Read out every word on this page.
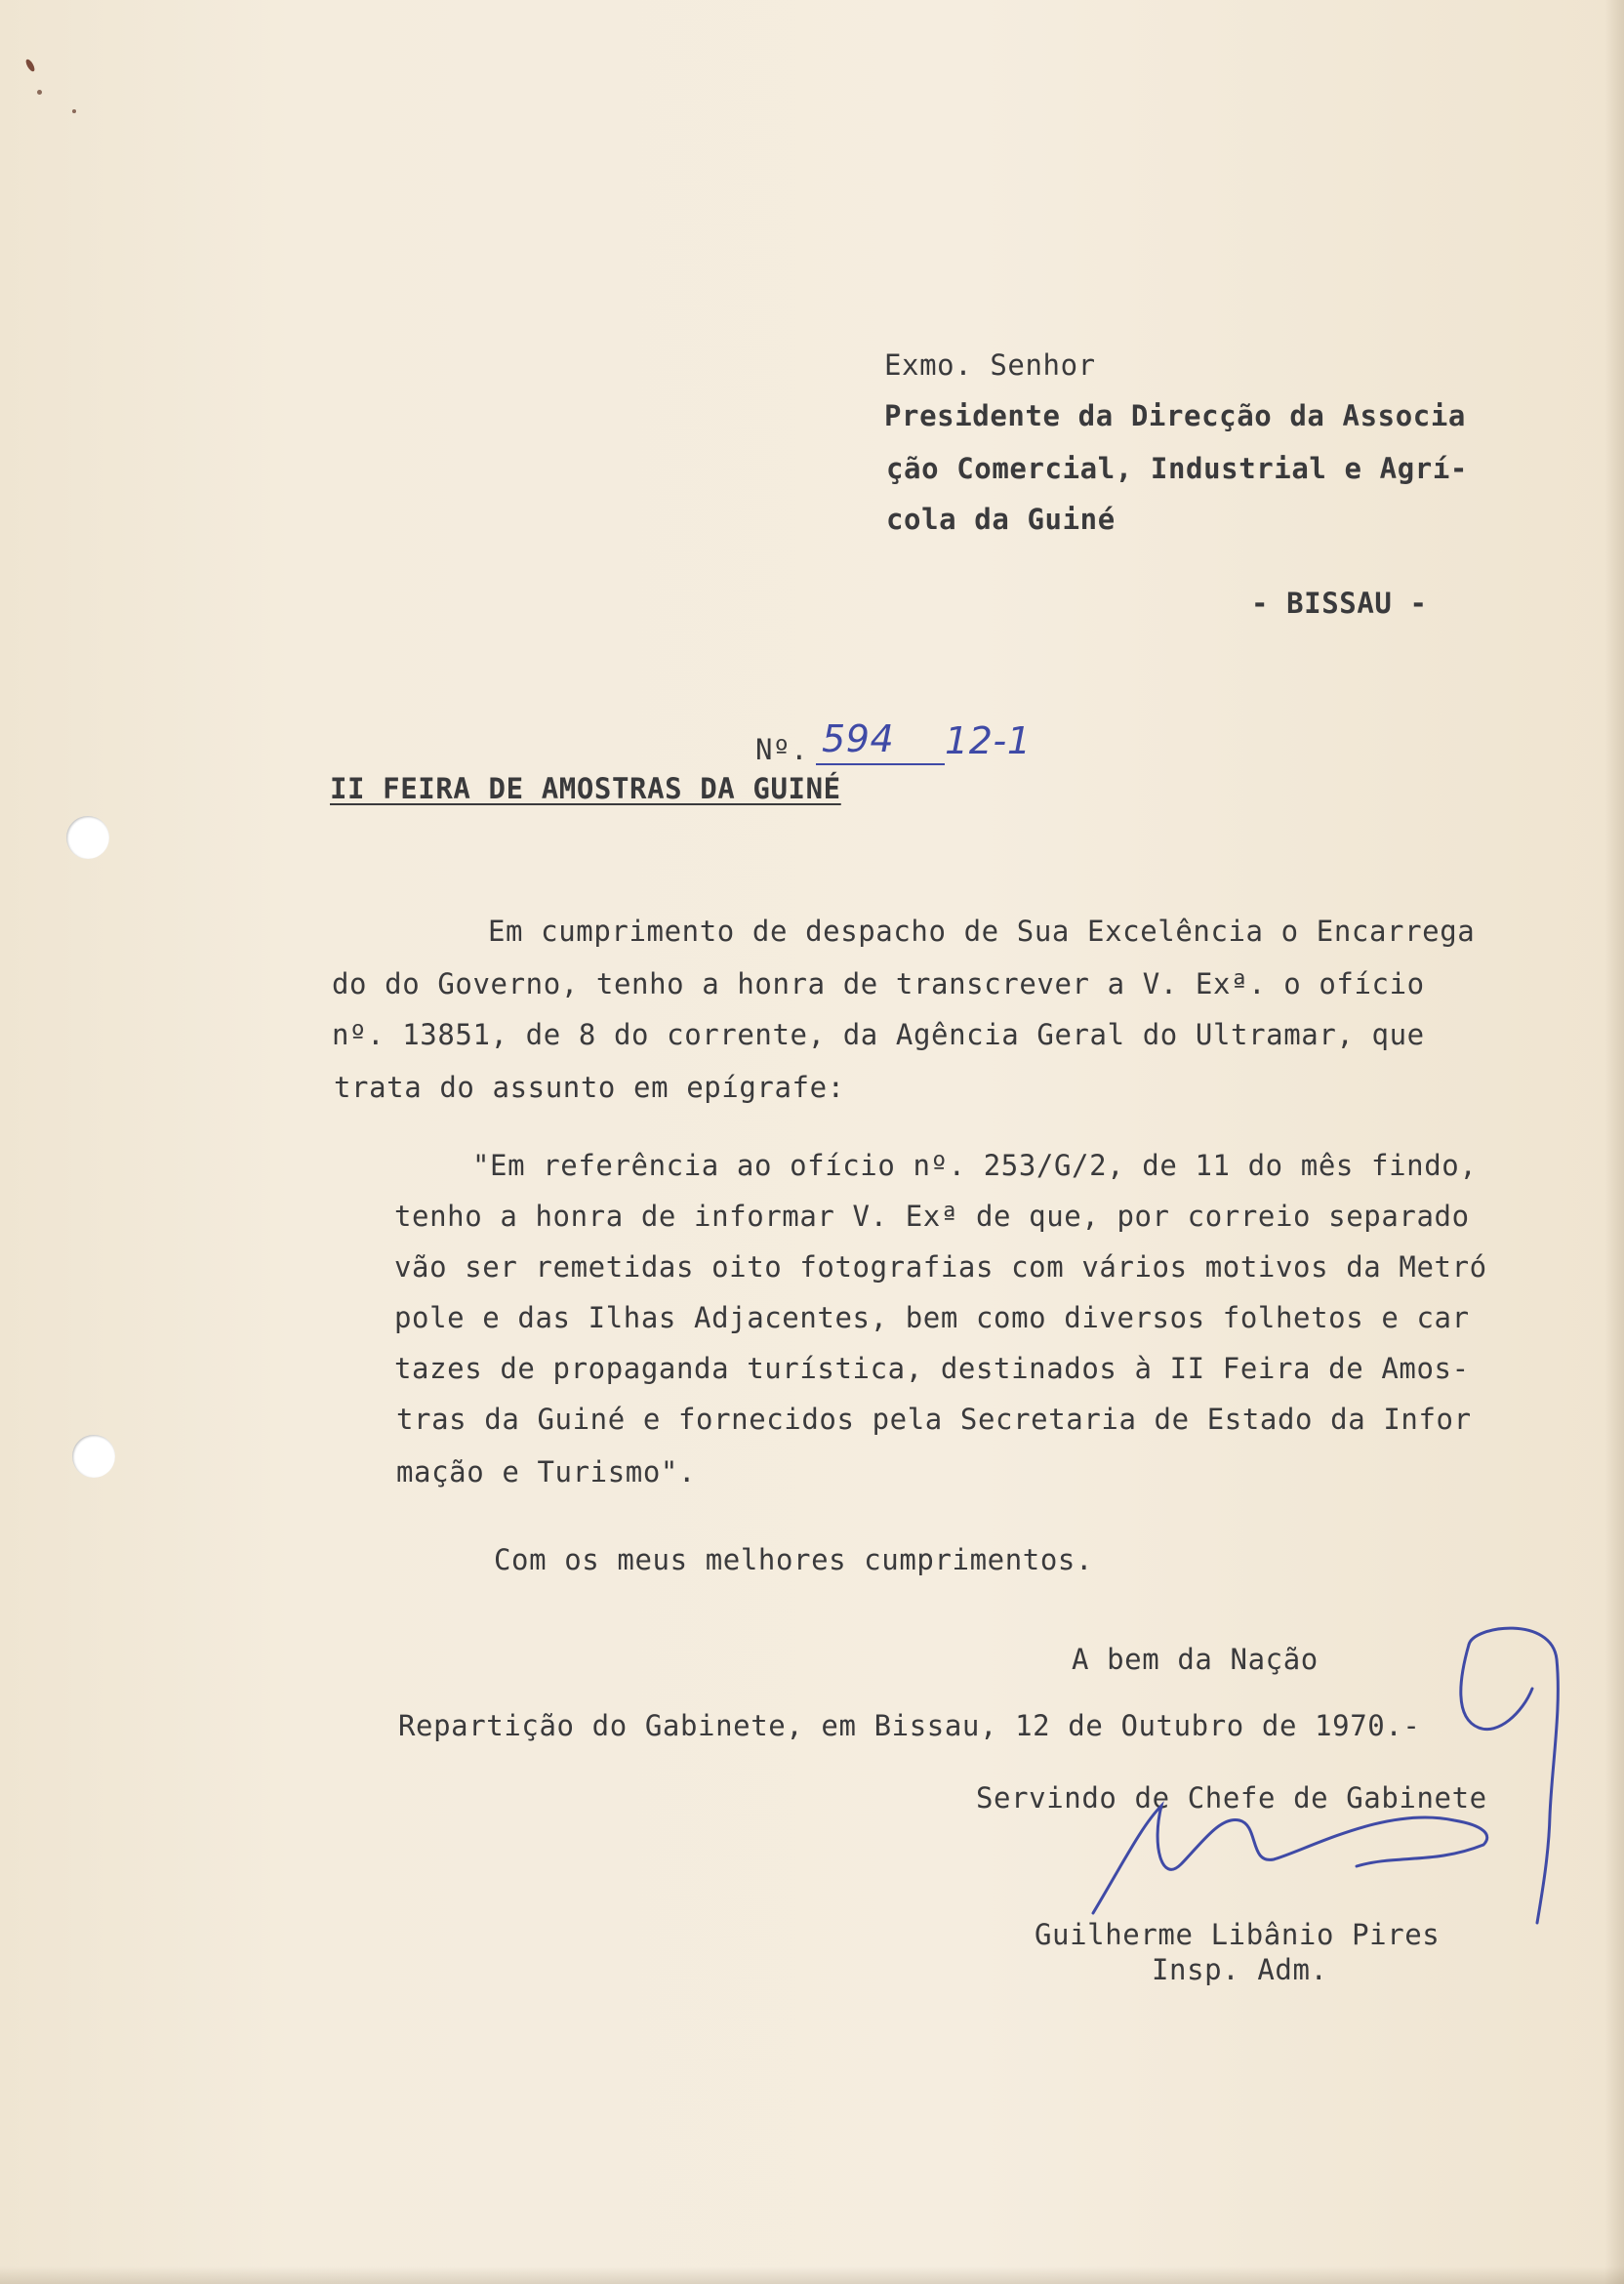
Exmo. Senhor
Presidente da Direcção da Associa
ção Comercial, Industrial e Agrí-
cola da Guiné
- BISSAU -
Nº. 594 12-1
II FEIRA DE AMOSTRAS DA GUINÉ
Em cumprimento de despacho de Sua Excelência o Encarrega
do do Governo, tenho a honra de transcrever a V. Exª. o ofício
nº. 13851, de 8 do corrente, da Agência Geral do Ultramar, que
trata do assunto em epígrafe:
"Em referência ao ofício nº. 253/G/2, de 11 do mês findo,
tenho a honra de informar V. Exª de que, por correio separado
vão ser remetidas oito fotografias com vários motivos da Metró
pole e das Ilhas Adjacentes, bem como diversos folhetos e car
tazes de propaganda turística, destinados à II Feira de Amos-
tras da Guiné e fornecidos pela Secretaria de Estado da Infor
mação e Turismo".
Com os meus melhores cumprimentos.
A bem da Nação
Repartição do Gabinete, em Bissau, 12 de Outubro de 1970.-
Servindo de Chefe de Gabinete
Guilherme Libânio Pires
Insp. Adm.
